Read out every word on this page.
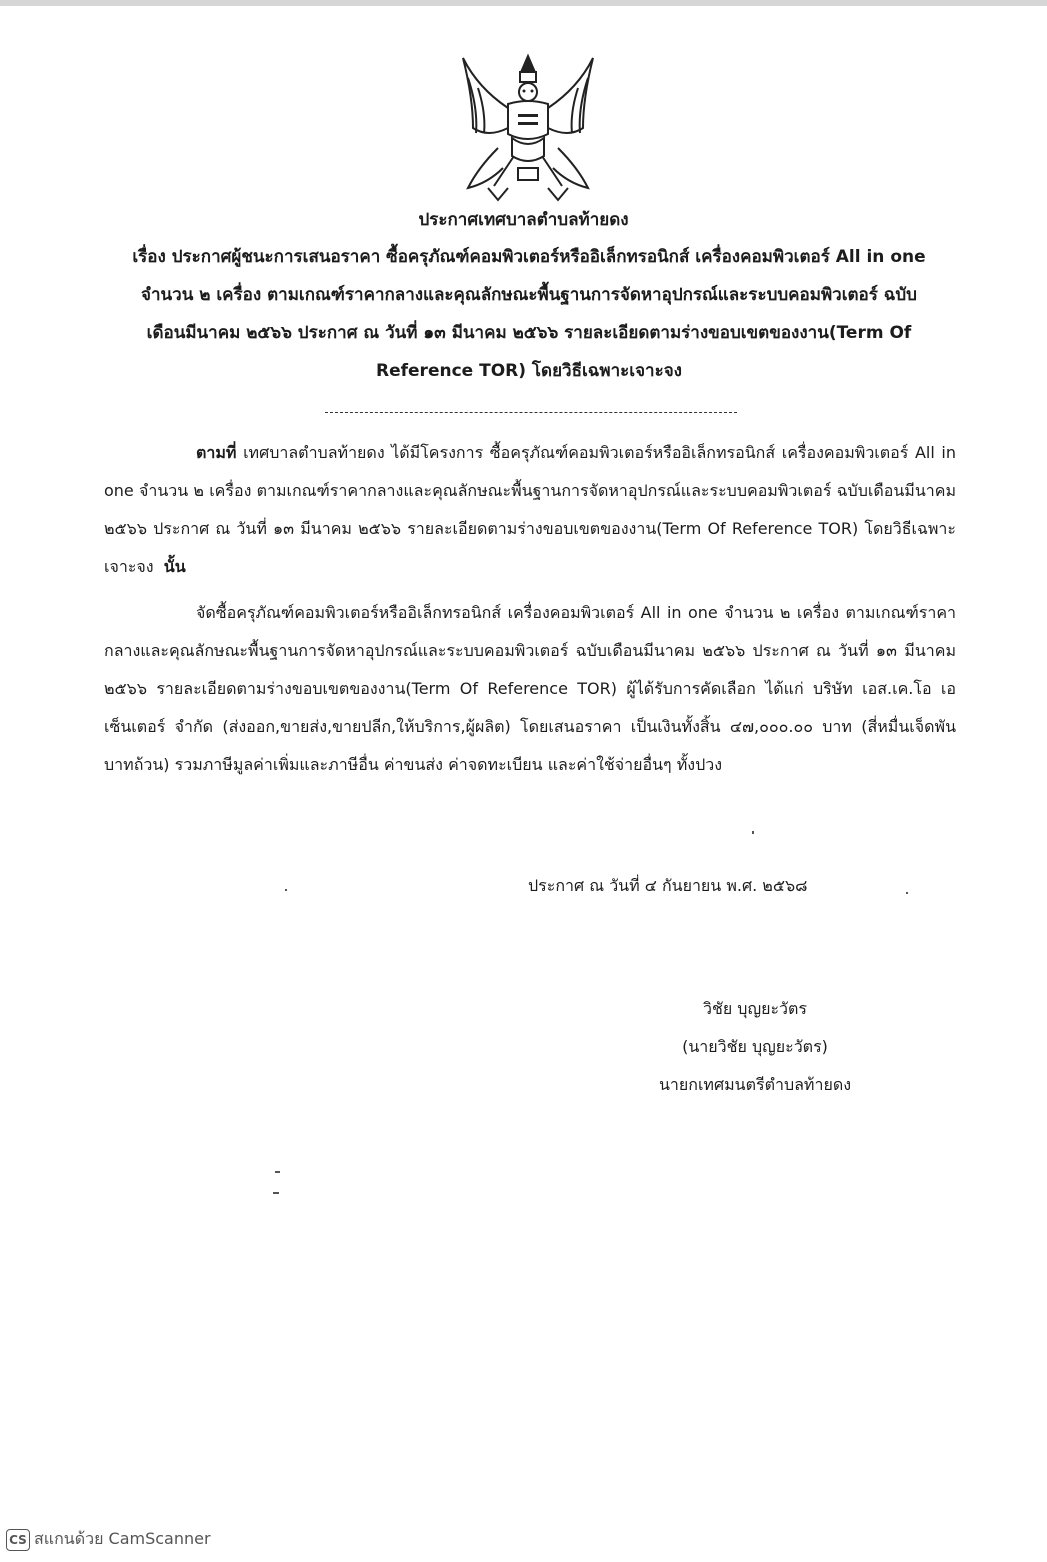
ประกาศเทศบาลตำบลท้ายดง
เรื่อง ประกาศผู้ชนะการเสนอราคา ซื้อครุภัณฑ์คอมพิวเตอร์หรืออิเล็กทรอนิกส์ เครื่องคอมพิวเตอร์ All in one
จำนวน ๒ เครื่อง ตามเกณฑ์ราคากลางและคุณลักษณะพื้นฐานการจัดหาอุปกรณ์และระบบคอมพิวเตอร์ ฉบับ
เดือนมีนาคม ๒๕๖๖ ประกาศ ณ วันที่ ๑๓ มีนาคม ๒๕๖๖ รายละเอียดตามร่างขอบเขตของงาน(Term Of
Reference TOR) โดยวิธีเฉพาะเจาะจง
ตามที่ เทศบาลตำบลท้ายดง ได้มีโครงการ ซื้อครุภัณฑ์คอมพิวเตอร์หรืออิเล็กทรอนิกส์ เครื่องคอมพิวเตอร์ All in one จำนวน ๒ เครื่อง ตามเกณฑ์ราคากลางและคุณลักษณะพื้นฐานการจัดหาอุปกรณ์และระบบคอมพิวเตอร์ ฉบับเดือนมีนาคม ๒๕๖๖ ประกาศ ณ วันที่ ๑๓ มีนาคม ๒๕๖๖ รายละเอียดตามร่างขอบเขตของงาน(Term Of Reference TOR) โดยวิธีเฉพาะเจาะจง นั้น
จัดซื้อครุภัณฑ์คอมพิวเตอร์หรืออิเล็กทรอนิกส์ เครื่องคอมพิวเตอร์ All in one จำนวน ๒ เครื่อง ตามเกณฑ์ราคากลางและคุณลักษณะพื้นฐานการจัดหาอุปกรณ์และระบบคอมพิวเตอร์ ฉบับเดือนมีนาคม ๒๕๖๖ ประกาศ ณ วันที่ ๑๓ มีนาคม ๒๕๖๖ รายละเอียดตามร่างขอบเขตของงาน(Term Of Reference TOR) ผู้ได้รับการคัดเลือก ได้แก่ บริษัท เอส.เค.โอ เอ เซ็นเตอร์ จำกัด (ส่งออก,ขายส่ง,ขายปลีก,ให้บริการ,ผู้ผลิต) โดยเสนอราคา เป็นเงินทั้งสิ้น ๔๗,๐๐๐.๐๐ บาท (สี่หมื่นเจ็ดพันบาทถ้วน) รวมภาษีมูลค่าเพิ่มและภาษีอื่น ค่าขนส่ง ค่าจดทะเบียน และค่าใช้จ่ายอื่นๆ ทั้งปวง
ประกาศ ณ วันที่ ๔ กันยายน พ.ศ. ๒๕๖๘
วิชัย บุญยะวัตร
(นายวิชัย บุญยะวัตร)
นายกเทศมนตรีตำบลท้ายดง
CS สแกนด้วย CamScanner
